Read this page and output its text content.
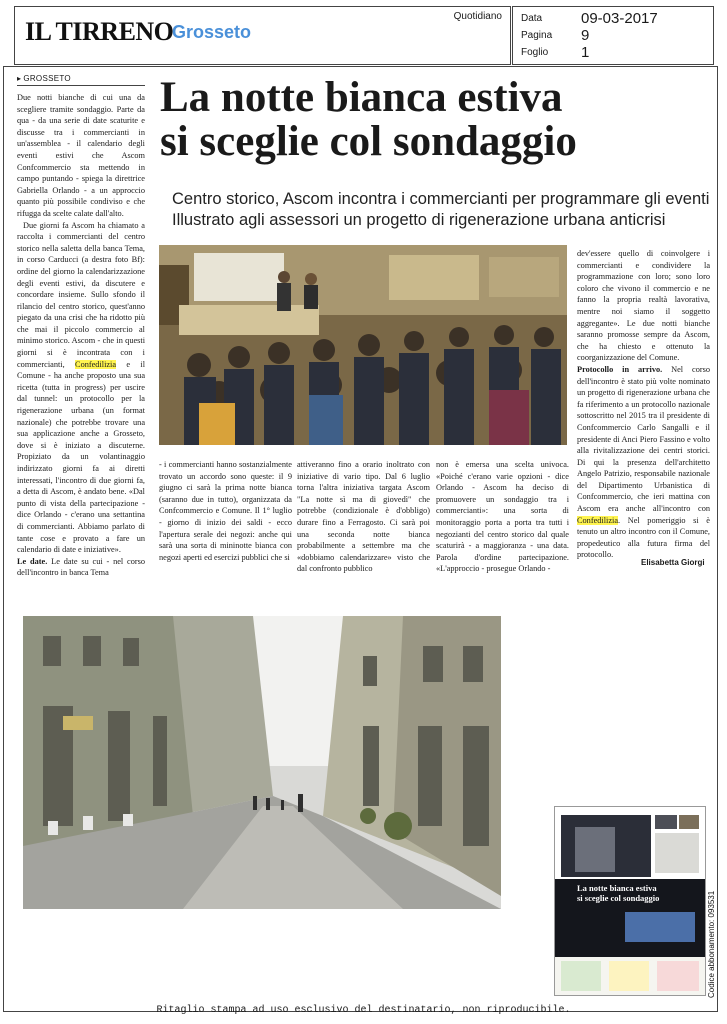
IL TIRRENO
Grosseto
Quotidiano Data	09-03-2017
Pagina 9
Foglio 1
▸ GROSSETO La notte bianca estiva
si sceglie col sondaggio
Centro storico, Ascom incontra i commercianti per programmare gli eventi
Illustrato agli assessori un progetto di rigenerazione urbana anticrisi

Due notti bianche di cui una da scegliere tramite sondaggio. Parte da qua - da una serie di date scaturite e discusse tra i commercianti in un'assemblea - il calendario degli eventi estivi che Ascom Confcommercio sta mettendo in campo puntando - spiega la direttrice Gabriella Orlando - a un approccio quanto più possibile condiviso e che rifugga da scelte calate dall'alto.

Due giorni fa Ascom ha chiamato a raccolta i commercianti del centro storico nella saletta della banca Tema, in corso Carducci (a destra foto Bf): ordine del giorno la calendarizzazione degli eventi estivi, da discutere e concordare insieme. Sullo sfondo il rilancio del centro storico, quest'anno piegato da una crisi che ha ridotto più che mai il piccolo commercio al minimo storico. Ascom - che in questi giorni si è incontrata con i commercianti, Confedilizia e il Comune - ha anche proposto una sua ricetta (tutta in progress) per uscire dal tunnel: un protocollo per la rigenerazione urbana (un format nazionale) che potrebbe trovare una sua applicazione anche a Grosseto, dove si è iniziato a discuterne. Propiziato da un volantinaggio indirizzato giorni fa ai diretti interessati, l'incontro di due giorni fa, a detta di Ascom, è andato bene. «Dal punto di vista della partecipazione - dice Orlando - c'erano una settantina di commercianti. Abbiamo parlato di tante cose e provato a fare un calendario di date e iniziative».

Le date. Le date su cui - nel corso dell'incontro in banca Tema

dev'essere quello di coinvolgere i commercianti e condividere la programmazione con loro; sono loro coloro che vivono il commercio e ne fanno la propria realtà lavorativa, mentre noi siamo il soggetto aggregante». Le due notti bianche saranno promosse sempre da Ascom, che ha chiesto e ottenuto la coorganizzazione del Comune.

Protocollo in arrivo. Nel corso dell'incontro è stato più volte nominato un progetto di rigenerazione urbana che fa riferimento a un protocollo nazionale sottoscritto nel 2015 tra il presidente di Confcommercio Carlo Sangalli e il presidente di Anci Piero Fassino e volto alla rivitalizzazione dei centri storici. Di qui la presenza dell'architetto Angelo Patrizio, responsabile nazionale del Dipartimento Urbanistica di Confcommercio, che ieri mattina con Ascom era anche all'incontro con Confedilizia. Nel pomeriggio si è tenuto un altro incontro con il Comune, propedeutico alla futura firma del protocollo.

Elisabetta Giorgi
- i commercianti hanno sostanzialmente trovato un accordo sono queste: il 9 giugno ci sarà la prima notte bianca (saranno due in tutto), organizzata da Confcommercio e Comune. Il 1° luglio - giorno di inizio dei saldi - ecco l'apertura serale dei negozi: anche qui sarà una sorta di mininotte bianca con negozi aperti ed esercizi pubblici che si
attiveranno fino a orario inoltrato con iniziative di vario tipo. Dal 6 luglio torna l'altra iniziativa targata Ascom "La notte sì ma di giovedì" che potrebbe (condizionale è d'obbligo) durare fino a Ferragosto. Ci sarà poi una seconda notte bianca probabilmente a settembre ma che «dobbiamo calendarizzare» visto che dal confronto pubblico
non è emersa una scelta univoca. «Poiché c'erano varie opzioni - dice Orlando - Ascom ha deciso di promuovere un sondaggio tra i commercianti»: una sorta di monitoraggio porta a porta tra tutti i negozianti del centro storico dal quale scaturirà - a maggioranza - una data. Parola d'ordine partecipazione. «L'approccio - prosegue Orlando -
La notte bianca estiva
si sceglie col sondaggio	Codice abbonamento: 093531
Ritaglio stampa ad uso esclusivo del destinatario, non riproducibile.
